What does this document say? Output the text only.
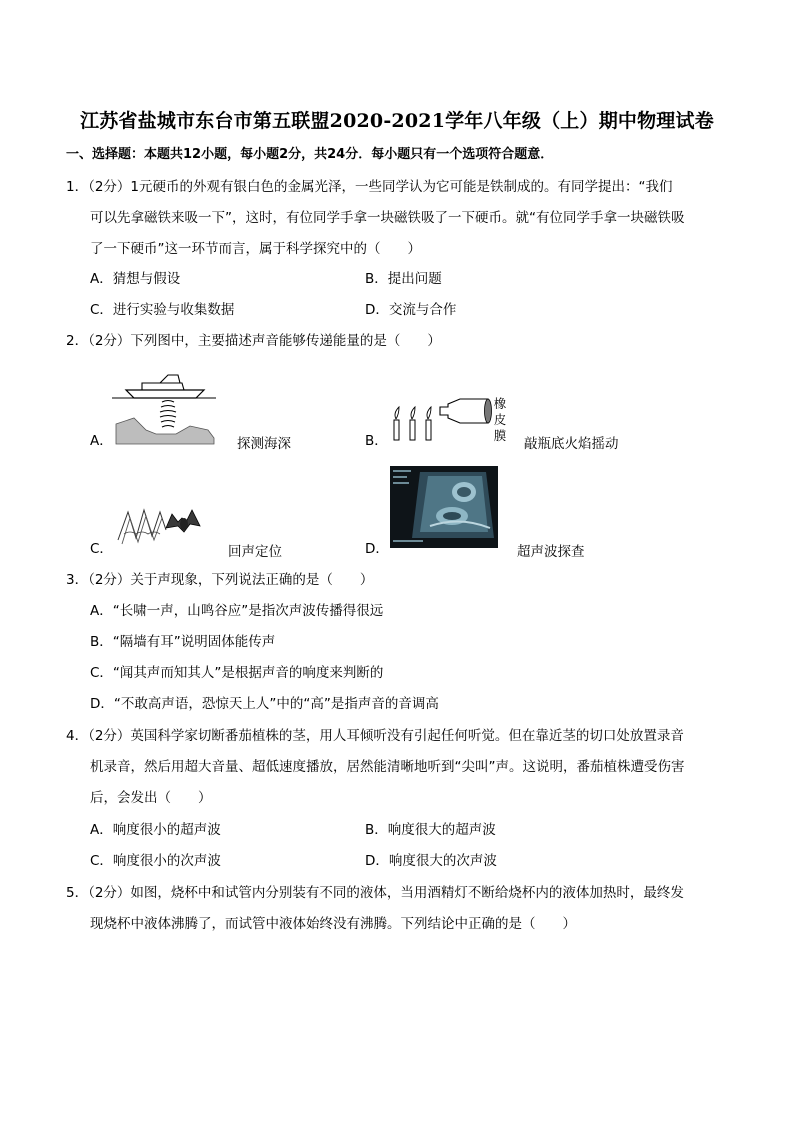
江苏省盐城市东台市第五联盟2020-2021学年八年级（上）期中物理试卷
一、选择题：本题共12小题，每小题2分，共24分．每小题只有一个选项符合题意．
1．（2分）1元硬币的外观有银白色的金属光泽，一些同学认为它可能是铁制成的。有同学提出：“我们
可以先拿磁铁来吸一下”，这时，有位同学手拿一块磁铁吸了一下硬币。就“有位同学手拿一块磁铁吸
了一下硬币”这一环节而言，属于科学探究中的（　　）
A．猜想与假设	B．提出问题
C．进行实验与收集数据	D．交流与合作
2．（2分）下列图中，主要描述声音能够传递能量的是（　　）
A．	探测海深	B．
橡
皮
膜
敲瓶底火焰摇动
C．	回声定位	D．	超声波探查
3．（2分）关于声现象，下列说法正确的是（　　）
A．“长啸一声，山鸣谷应”是指次声波传播得很远
B．“隔墙有耳”说明固体能传声
C．“闻其声而知其人”是根据声音的响度来判断的
D．“不敢高声语，恐惊天上人”中的“高”是指声音的音调高
4．（2分）英国科学家切断番茄植株的茎，用人耳倾听没有引起任何听觉。但在靠近茎的切口处放置录音
机录音，然后用超大音量、超低速度播放，居然能清晰地听到“尖叫”声。这说明，番茄植株遭受伤害
后，会发出（　　）
A．响度很小的超声波	B．响度很大的超声波
C．响度很小的次声波	D．响度很大的次声波
5．（2分）如图，烧杯中和试管内分别装有不同的液体，当用酒精灯不断给烧杯内的液体加热时，最终发
现烧杯中液体沸腾了，而试管中液体始终没有沸腾。下列结论中正确的是（　　）
